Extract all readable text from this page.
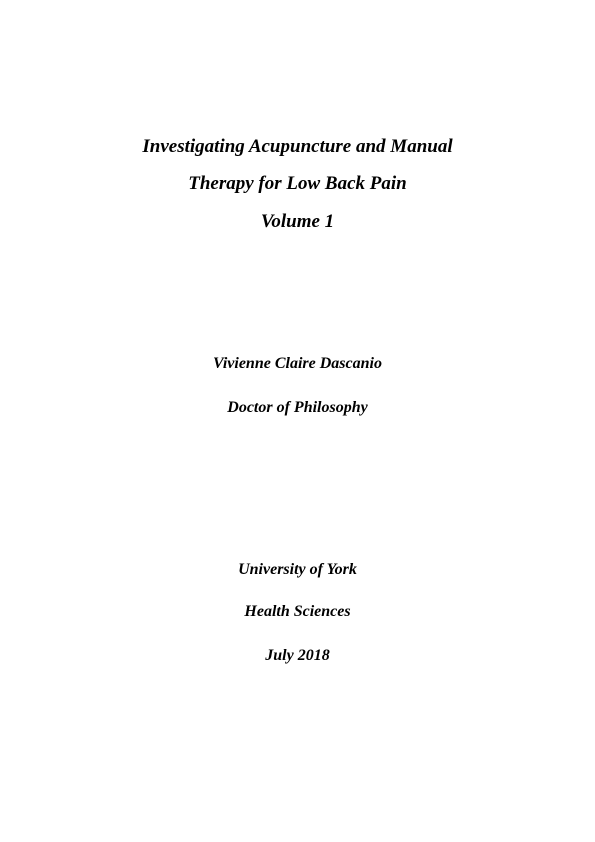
Investigating Acupuncture and Manual
Therapy for Low Back Pain
Volume 1
Vivienne Claire Dascanio
Doctor of Philosophy
University of York
Health Sciences
July 2018
